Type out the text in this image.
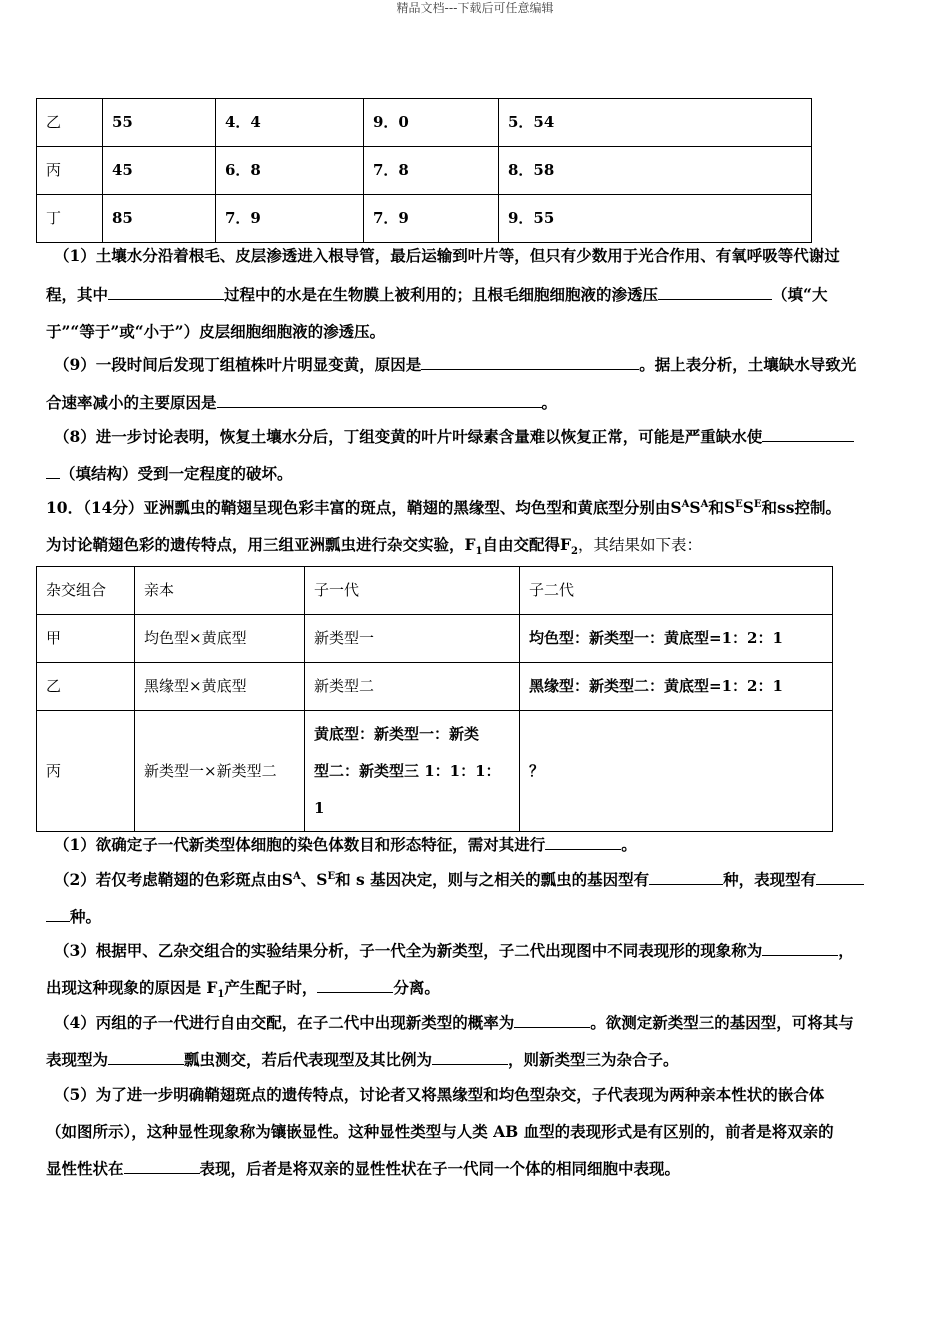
精品文档---下载后可任意编辑
乙	55	4．4	9．0	5．54
丙	45	6．8	7．8	8．58
丁	85	7．9	7．9	9．55
（1）土壤水分沿着根毛、皮层渗透进入根导管，最后运输到叶片等，但只有少数用于光合作用、有氧呼吸等代谢过
程，其中	过程中的水是在生物膜上被利用的；且根毛细胞细胞液的渗透压	（填“大
于”“等于”或“小于”）皮层细胞细胞液的渗透压。
（9）一段时间后发现丁组植株叶片明显变黄，原因是	。据上表分析，土壤缺水导致光
合速率减小的主要原因是	。
（8）进一步讨论表明，恢复土壤水分后，丁组变黄的叶片叶绿素含量难以恢复正常，可能是严重缺水使
（填结构）受到一定程度的破坏。
10．（14分）亚洲瓢虫的鞘翅呈现色彩丰富的斑点，鞘翅的黑缘型、均色型和黄底型分别由$S^AS^A$和$S^ES^E$和ss控制。
为讨论鞘翅色彩的遗传特点，用三组亚洲瓢虫进行杂交实验，$F_1$自由交配得$F_2$，其结果如下表：
杂交组合	亲本	子一代	子二代
甲	均色型×黄底型	新类型一	均色型：新类型一：黄底型=1：2：1
乙	黑缘型×黄底型	新类型二	黑缘型：新类型二：黄底型=1：2：1
丙	新类型一×新类型二	黄底型：新类型一：新类
型二：新类型三 1：1：1：
1	？
（1）欲确定子一代新类型体细胞的染色体数目和形态特征，需对其进行	。
（2）若仅考虑鞘翅的色彩斑点由$S^A$、$S^E$和 s 基因决定，则与之相关的瓢虫的基因型有	种，表现型有
种。
（3）根据甲、乙杂交组合的实验结果分析，子一代全为新类型，子二代出现图中不同表现形的现象称为	，
出现这种现象的原因是 $F_1$产生配子时，	分离。
（4）丙组的子一代进行自由交配，在子二代中出现新类型的概率为	。欲测定新类型三的基因型，可将其与
表现型为	瓢虫测交，若后代表现型及其比例为	，则新类型三为杂合子。
（5）为了进一步明确鞘翅斑点的遗传特点，讨论者又将黑缘型和均色型杂交，子代表现为两种亲本性状的嵌合体
（如图所示），这种显性现象称为镶嵌显性。这种显性类型与人类 AB 血型的表现形式是有区别的，前者是将双亲的
显性性状在	表现，后者是将双亲的显性性状在子一代同一个体的相同细胞中表现。
